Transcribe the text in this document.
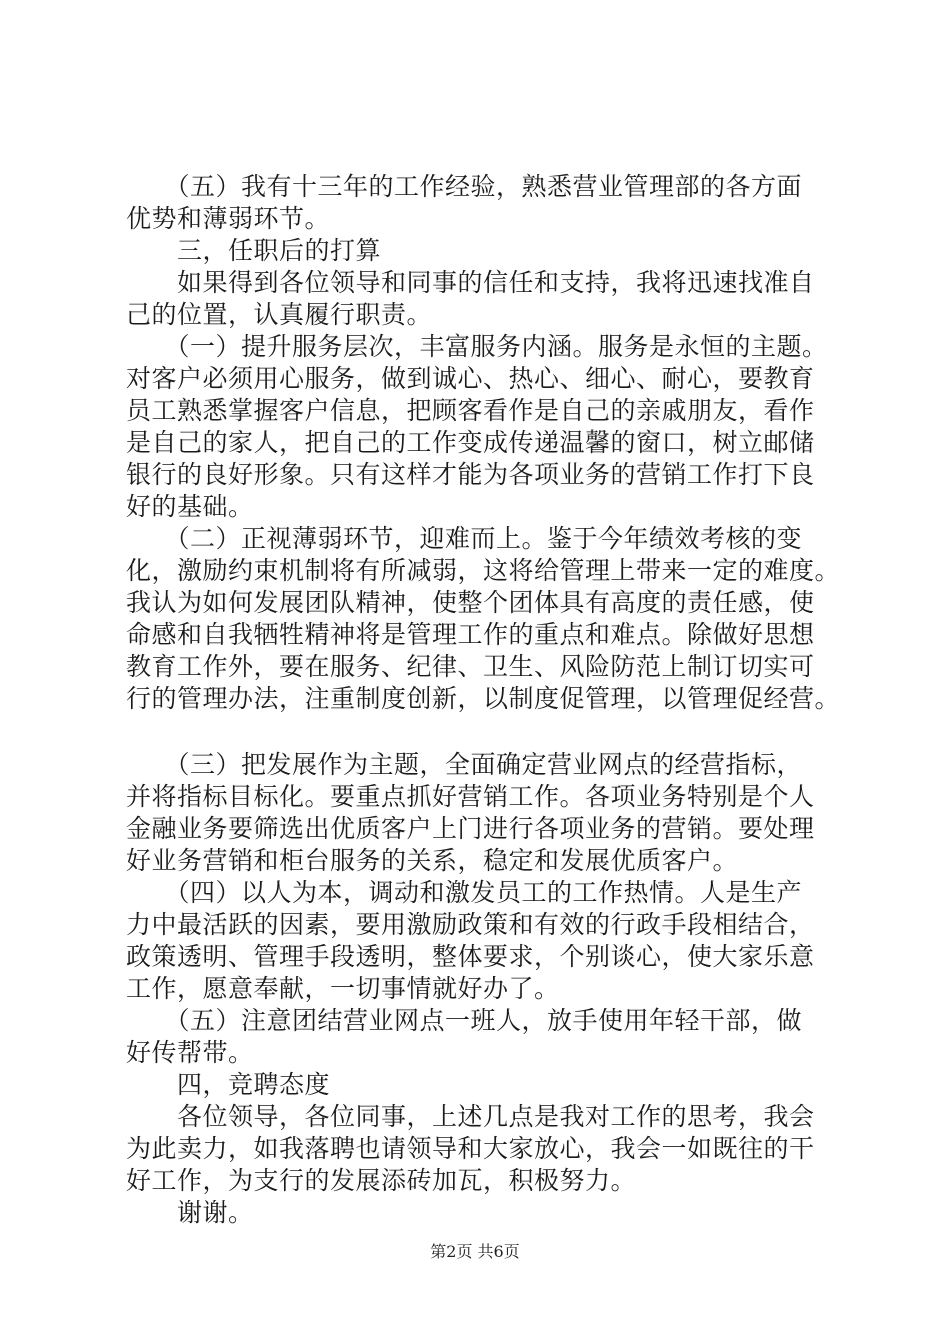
　　（五）我有十三年的工作经验，熟悉营业管理部的各方面
优势和薄弱环节。
　　三，任职后的打算
　　如果得到各位领导和同事的信任和支持，我将迅速找准自
己的位置，认真履行职责。
　　（一）提升服务层次，丰富服务内涵。服务是永恒的主题。
对客户必须用心服务，做到诚心、热心、细心、耐心，要教育
员工熟悉掌握客户信息，把顾客看作是自己的亲戚朋友，看作
是自己的家人，把自己的工作变成传递温馨的窗口，树立邮储
银行的良好形象。只有这样才能为各项业务的营销工作打下良
好的基础。
　　（二）正视薄弱环节，迎难而上。鉴于今年绩效考核的变
化，激励约束机制将有所减弱，这将给管理上带来一定的难度。
我认为如何发展团队精神，使整个团体具有高度的责任感，使
命感和自我牺牲精神将是管理工作的重点和难点。除做好思想
教育工作外，要在服务、纪律、卫生、风险防范上制订切实可
行的管理办法，注重制度创新，以制度促管理，以管理促经营。
　　（三）把发展作为主题，全面确定营业网点的经营指标，
并将指标目标化。要重点抓好营销工作。各项业务特别是个人
金融业务要筛选出优质客户上门进行各项业务的营销。要处理
好业务营销和柜台服务的关系，稳定和发展优质客户。
　　（四）以人为本，调动和激发员工的工作热情。人是生产
力中最活跃的因素，要用激励政策和有效的行政手段相结合，
政策透明、管理手段透明，整体要求，个别谈心，使大家乐意
工作，愿意奉献，一切事情就好办了。
　　（五）注意团结营业网点一班人，放手使用年轻干部，做
好传帮带。
　　四，竞聘态度
　　各位领导，各位同事，上述几点是我对工作的思考，我会
为此卖力，如我落聘也请领导和大家放心，我会一如既往的干
好工作，为支行的发展添砖加瓦，积极努力。
　　谢谢。
第2页 共6页
